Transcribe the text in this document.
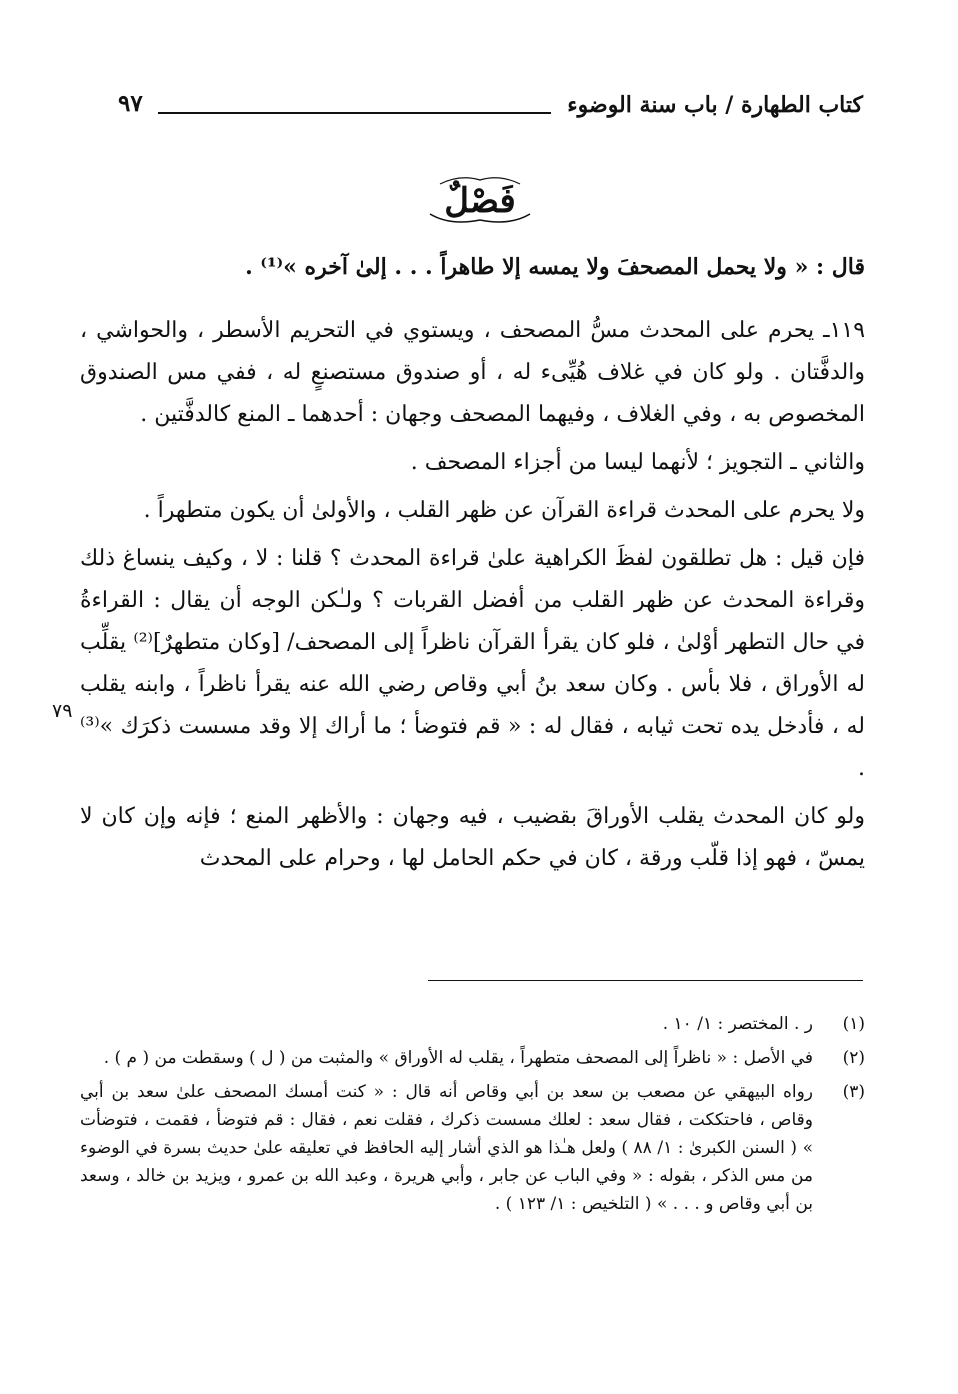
كتاب الطهارة / باب سنة الوضوء
٩٧
فَصْلٌ

قال : « ولا يحمل المصحفَ ولا يمسه إلا طاهراً . . . إلىٰ آخره »⁽¹⁾ .

١١٩ـ يحرم على المحدث مسُّ المصحف ، ويستوي في التحريم الأسطر ، والحواشي ، والدفَّتان . ولو كان في غلاف هُيِّىء له ، أو صندوق مستصنعٍ له ، ففي مس الصندوق المخصوص به ، وفي الغلاف ، وفيهما المصحف وجهان : أحدهما ـ المنع كالدفَّتين .

والثاني ـ التجويز ؛ لأنهما ليسا من أجزاء المصحف .

ولا يحرم على المحدث قراءة القرآن عن ظهر القلب ، والأولىٰ أن يكون متطهراً .

فإن قيل : هل تطلقون لفظَ الكراهية علىٰ قراءة المحدث ؟ قلنا : لا ، وكيف ينساغ ذلك وقراءة المحدث عن ظهر القلب من أفضل القربات ؟ ولـٰكن الوجه أن يقال : القراءةُ في حال التطهر أوْلىٰ ، فلو كان يقرأ القرآن ناظراً إلى المصحف/ [وكان متطهرٌ]⁽²⁾ يقلِّب له الأوراق ، فلا بأس . وكان سعد بنُ أبي وقاص رضي الله عنه يقرأ ناظراً ، وابنه يقلب له ، فأدخل يده تحت ثيابه ، فقال له : « قم فتوضأ ؛ ما أراك إلا وقد مسست ذكرَك »⁽³⁾ .

ولو كان المحدث يقلب الأوراقَ بقضيب ، فيه وجهان : والأظهر المنع ؛ فإنه وإن كان لا يمسّ ، فهو إذا قلّب ورقة ، كان في حكم الحامل لها ، وحرام على المحدث

٧٩
(١)
ر . المختصر : ١/ ١٠ .
(٢)
في الأصل : « ناظراً إلى المصحف متطهراً ، يقلب له الأوراق » والمثبت من ( ل ) وسقطت من ( م ) .
(٣)
رواه البيهقي عن مصعب بن سعد بن أبي وقاص أنه قال : « كنت أمسك المصحف علىٰ سعد بن أبي وقاص ، فاحتككت ، فقال سعد : لعلك مسست ذكرك ، فقلت نعم ، فقال : قم فتوضأ ، فقمت ، فتوضأت » ( السنن الكبرىٰ : ١/ ٨٨ ) ولعل هـٰذا هو الذي أشار إليه الحافظ في تعليقه علىٰ حديث بسرة في الوضوء من مس الذكر ، بقوله : « وفي الباب عن جابر ، وأبي هريرة ، وعبد الله بن عمرو ، ويزيد بن خالد ، وسعد بن أبي وقاص و . . . » ( التلخيص : ١/ ١٢٣ ) .
